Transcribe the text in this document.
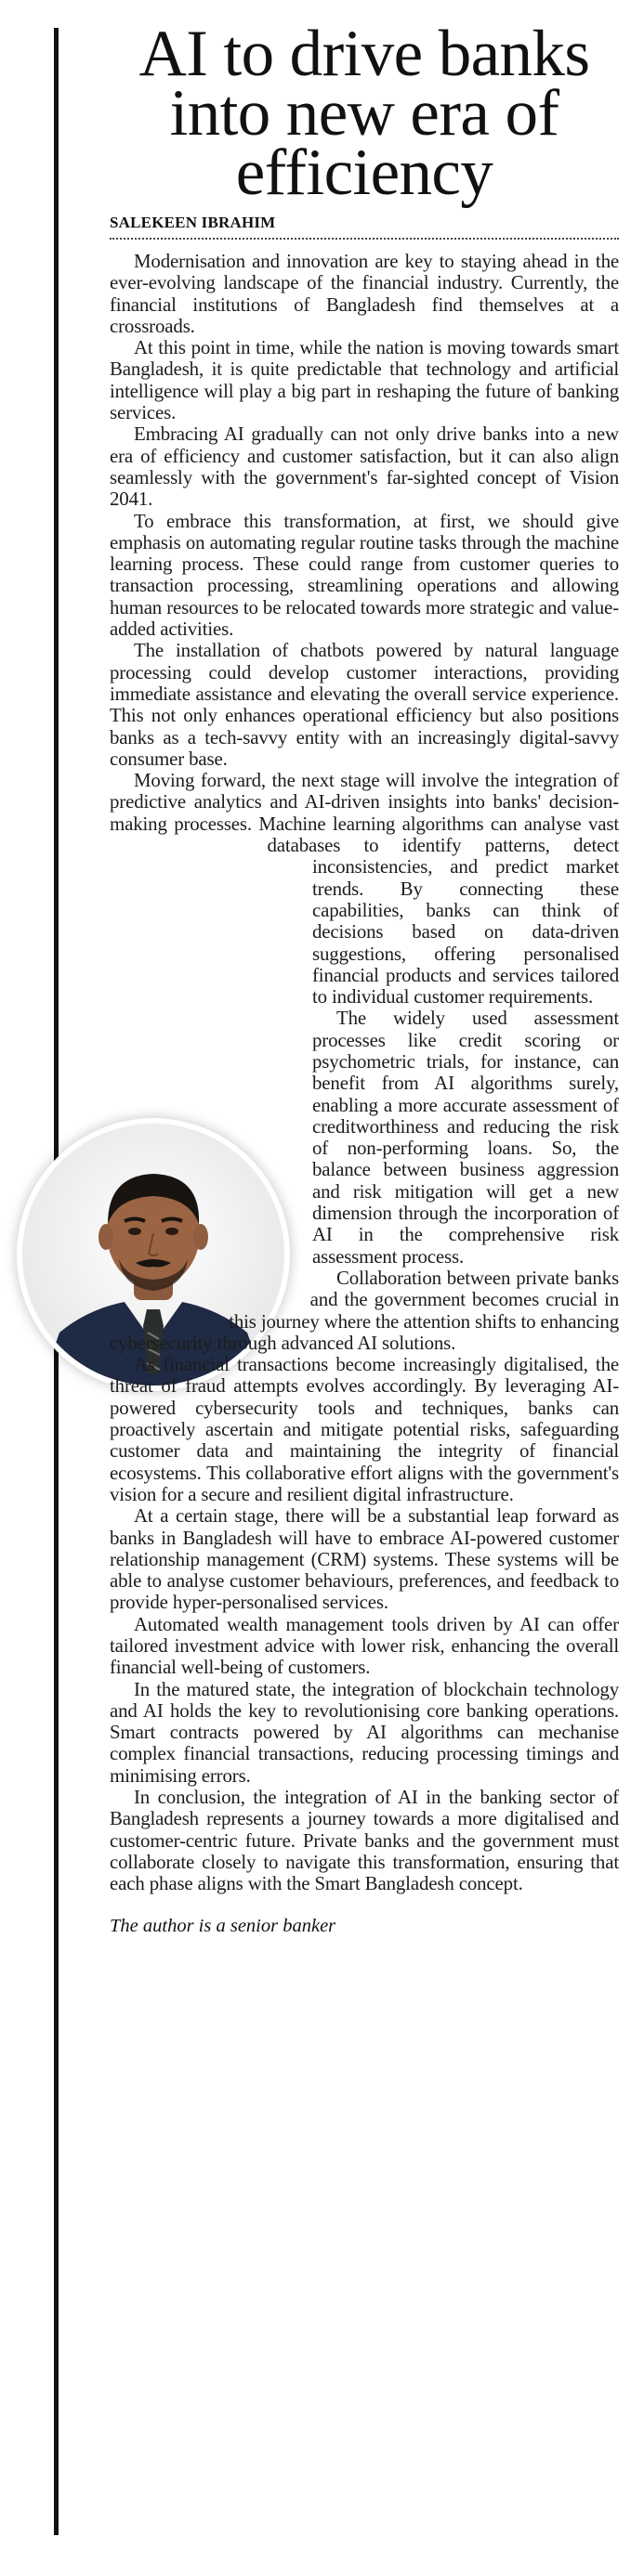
AI to drive banks
into new era of
efficiency
SALEKEEN IBRAHIM

Modernisation and innovation are key to staying ahead in the ever-evolving landscape of the financial industry. Currently, the financial institutions of Bangladesh find themselves at a crossroads.

At this point in time, while the nation is moving towards smart Bangladesh, it is quite predictable that technology and artificial intelligence will play a big part in reshaping the future of banking services.

Embracing AI gradually can not only drive banks into a new era of efficiency and customer satisfaction, but it can also align seamlessly with the government's far-sighted concept of Vision 2041.

To embrace this transformation, at first, we should give emphasis on automating regular routine tasks through the machine learning process. These could range from customer queries to transaction processing, streamlining operations and allowing human resources to be relocated towards more strategic and value-added activities.

The installation of chatbots powered by natural language processing could develop customer interactions, providing immediate assistance and elevating the overall service experience. This not only enhances operational efficiency but also positions banks as a tech-savvy entity with an increasingly digital-savvy consumer base.

Moving forward, the next stage will involve the integration of predictive analytics and AI-driven insights into banks' decision-making processes. Machine learning algorithms can analyse vast databases to identify patterns, detect inconsistencies, and predict market trends. By connecting these capabilities, banks can think of decisions based on data-driven suggestions, offering personalised financial products and services tailored to individual customer requirements.

The widely used assessment processes like credit scoring or psychometric trials, for instance, can benefit from AI algorithms surely, enabling a more accurate assessment of creditworthiness and reducing the risk of non-performing loans. So, the balance between business aggression and risk mitigation will get a new dimension through the incorporation of AI in the comprehensive risk assessment process.

Collaboration between private banks and the government becomes crucial in this journey where the attention shifts to enhancing cybersecurity through advanced AI solutions.

As financial transactions become increasingly digitalised, the threat of fraud attempts evolves accordingly. By leveraging AI-powered cybersecurity tools and techniques, banks can proactively ascertain and mitigate potential risks, safeguarding customer data and maintaining the integrity of financial ecosystems. This collaborative effort aligns with the government's vision for a secure and resilient digital infrastructure.

At a certain stage, there will be a substantial leap forward as banks in Bangladesh will have to embrace AI-powered customer relationship management (CRM) systems. These systems will be able to analyse customer behaviours, preferences, and feedback to provide hyper-personalised services.

Automated wealth management tools driven by AI can offer tailored investment advice with lower risk, enhancing the overall financial well-being of customers.

In the matured state, the integration of blockchain technology and AI holds the key to revolutionising core banking operations. Smart contracts powered by AI algorithms can mechanise complex financial transactions, reducing processing timings and minimising errors.

In conclusion, the integration of AI in the banking sector of Bangladesh represents a journey towards a more digitalised and customer-centric future. Private banks and the government must collaborate closely to navigate this transformation, ensuring that each phase aligns with the Smart Bangladesh concept.

The author is a senior banker
